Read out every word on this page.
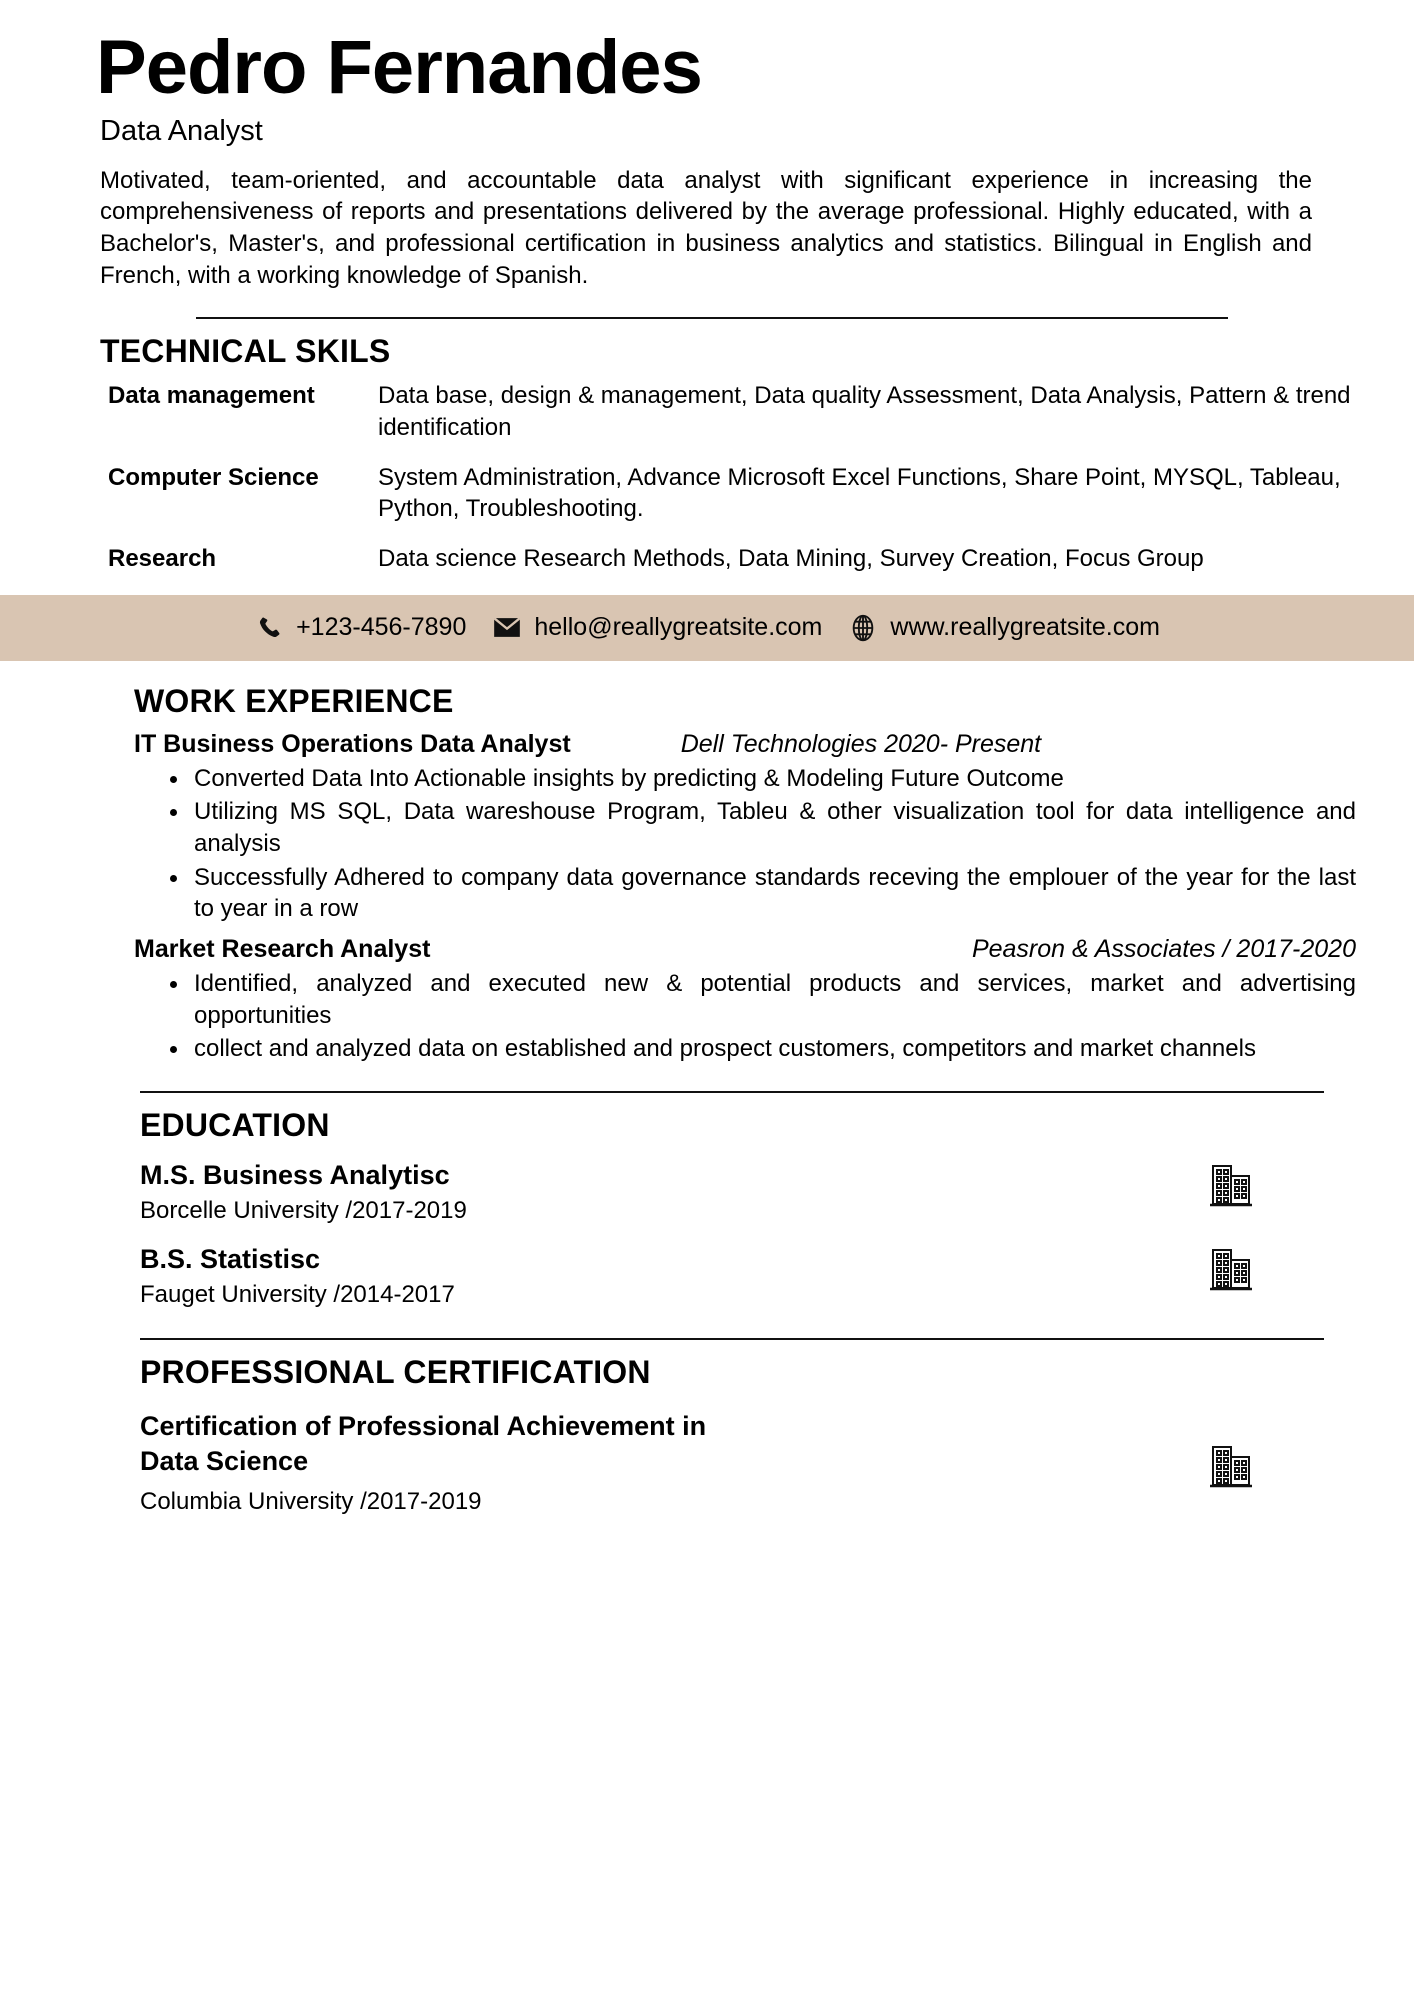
Pedro Fernandes
Data Analyst

Motivated, team-oriented, and accountable data analyst with significant experience in increasing the comprehensiveness of reports and presentations delivered by the average professional. Highly educated, with a Bachelor's, Master's, and professional certification in business analytics and statistics. Bilingual in English and French, with a working knowledge of Spanish.

TECHNICAL SKILS
Data management	Data base, design & management, Data quality Assessment, Data Analysis, Pattern & trend identification
Computer Science	System Administration, Advance Microsoft Excel Functions, Share Point, MYSQL, Tableau, Python, Troubleshooting.
Research	Data science Research Methods, Data Mining, Survey Creation, Focus Group
+123-456-7890	hello@reallygreatsite.com	www.reallygreatsite.com
WORK EXPERIENCE
IT Business Operations Data Analyst	Dell Technologies 2020- Present
Converted Data Into Actionable insights by predicting & Modeling Future Outcome
Utilizing MS SQL, Data wareshouse Program, Tableu & other visualization tool for data intelligence and analysis
Successfully Adhered to company data governance standards receving the emplouer of the year for the last to year in a row
Market Research Analyst	Peasron & Associates / 2017-2020
Identified, analyzed and executed new & potential products and services, market and advertising opportunities
collect and analyzed data on established and prospect customers, competitors and market channels
EDUCATION
M.S. Business Analytisc
Borcelle University /2017-2019
B.S. Statistisc
Fauget University /2014-2017
PROFESSIONAL CERTIFICATION
Certification of Professional Achievement in Data Science
Columbia University /2017-2019
